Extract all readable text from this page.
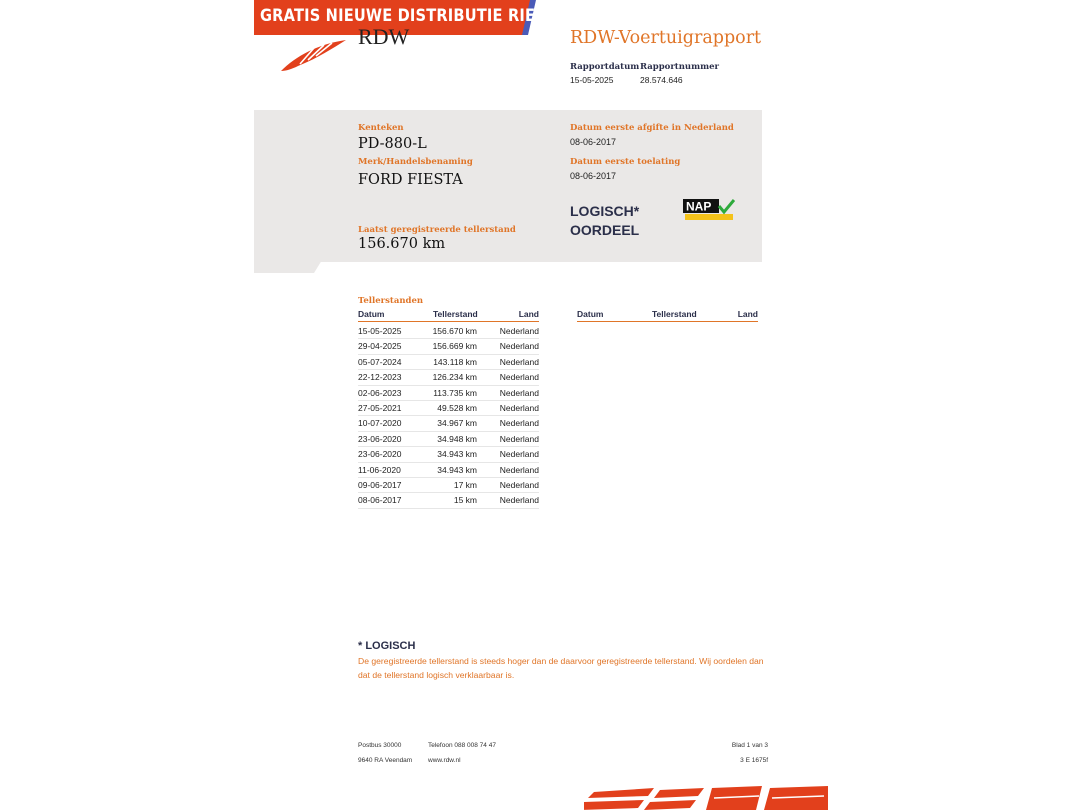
GRATIS NIEUWE DISTRIBUTIE RIEM
RDW	RDW-Voertuigrapport
Rapportdatum
15-05-2025
Rapportnummer
28.574.646
Kenteken
PD-880-L
Merk/Handelsbenaming
FORD FIESTA
Laatst geregistreerde tellerstand
156.670 km
Datum eerste afgifte in Nederland
08-06-2017
Datum eerste toelating
08-06-2017
LOGISCH*
OORDEEL
NAP
Tellerstanden
Datum	Tellerstand	Land	Datum	Tellerstand	Land
15-05-2025	156.670 km	Nederland
29-04-2025	156.669 km	Nederland
05-07-2024	143.118 km	Nederland
22-12-2023	126.234 km	Nederland
02-06-2023	113.735 km	Nederland
27-05-2021	49.528 km	Nederland
10-07-2020	34.967 km	Nederland
23-06-2020	34.948 km	Nederland
23-06-2020	34.943 km	Nederland
11-06-2020	34.943 km	Nederland
09-06-2017	17 km	Nederland
08-06-2017	15 km	Nederland
* LOGISCH
De geregistreerde tellerstand is steeds hoger dan de daarvoor geregistreerde tellerstand. Wij oordelen dan dat de tellerstand logisch verklaarbaar is.
Postbus 30000
9640 RA Veendam
Telefoon 088 008 74 47
www.rdw.nl
Blad 1 van 3
3 E 1675f
